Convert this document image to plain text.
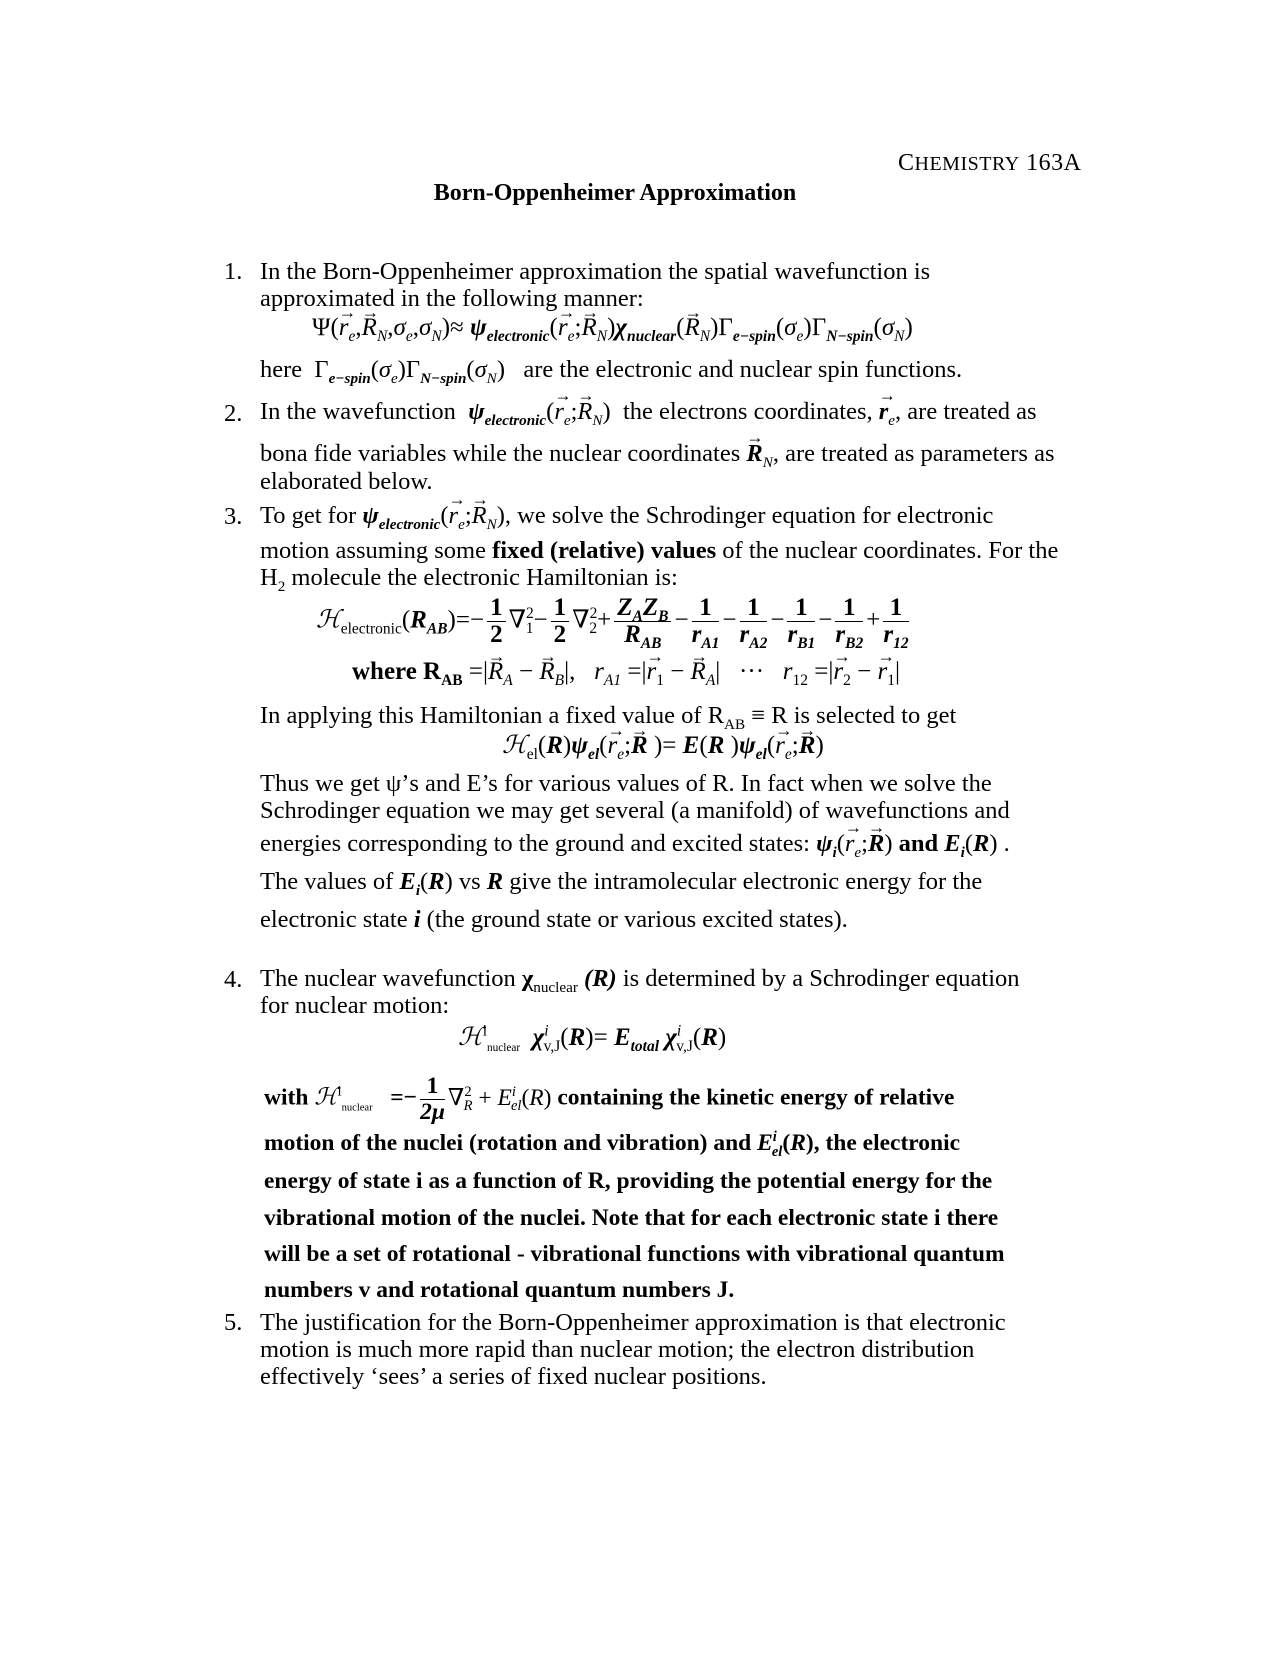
CHEMISTRY 163A
Born-Oppenheimer Approximation
1. In the Born-Oppenheimer approximation the spatial wavefunction is
approximated in the following manner:
$\Psi(\to r_e,\to R_N,\sigma_e,\sigma_N)\approx \psi_{electronic}(\to$ $r_e;\to R_N)\chi_{nuclear}(\to R_N)\Gamma_{e-spin}(\sigma_e)\Gamma_{N-spin}(\sigma_N)$
here  $\Gamma_{e-spin}(\sigma_e)\Gamma_{N-spin}(\sigma_N)$   are the electronic and nuclear spin functions.
2. In the wavefunction $\psi_{electronic}(\to$ $r_e;\to R_N$)  the electrons coordinates, → $r_e$, are treated as
bona fide variables while the nuclear coordinates → $R_N$, are treated as parameters as
elaborated below.
3. To get for $\psi_{electronic}(\to$ $r_e;\to R_N$), we solve the Schrodinger equation for electronic
motion assuming some fixed (relative) values of the nuclear coordinates. For the
$H_2$ molecule the electronic Hamiltonian is:
$ℋ_{electronic}(R_{AB})=- \frac{1}{2} \nabla^2_1- \frac{1}{2} \nabla^2_2+ \frac{Z_AZ_B}{R_{AB}} - \frac{1}{r_{A1}} - \frac{1}{r_{A2}} - \frac{1}{r_{B1}} - \frac{1}{r_{B2}} + \frac{1}{r_{12}}$
where $R_{AB}$ =|→ $R_A$ − → $R_B|$,   $r_{A1}$ =|→ $r_1$ − → $R_A|$   ···   $r_{12}$ =|→ $r_2$ − → $r_1|$
In applying this Hamiltonian a fixed value of $R_{AB} \equiv R$ is selected to get
$ℋ_{el}(R)\psi_{el}(\to$ $r_e;\to R$ )= E(R )$\psi_{el}(\to$ $r_e;\to R$)
Thus we get ψ’s and E’s for various values of R. In fact when we solve the
Schrodinger equation we may get several (a manifold) of wavefunctions and
energies corresponding to the ground and excited states: $\psi_i(\to$ $r_e;\to R$) and $E_i(R)$ .
The values of $E_i(R)$ vs R give the intramolecular electronic energy for the
electronic state i (the ground state or various excited states).
4. The nuclear wavefunction $\chi_{nuclear}$ (R) is determined by a Schrodinger equation
for nuclear motion:
ℋ$^i_{nuclear}$ $\chi^i_{v,J}(R)= E_{total}$ $\chi^i_{v,J}(R)$
with ℋ$^i_{nuclear}$   =− $\frac{1}{2\mu} \nabla^2_R + E^i_{el}(R)$ containing the kinetic energy of relative
motion of the nuclei (rotation and vibration) and $E^i_{el}(R)$, the electronic
energy of state i as a function of R, providing the potential energy for the
vibrational motion of the nuclei. Note that for each electronic state i there
will be a set of rotational - vibrational functions with vibrational quantum
numbers v and rotational quantum numbers J.
5. The justification for the Born-Oppenheimer approximation is that electronic
motion is much more rapid than nuclear motion; the electron distribution
effectively ‘sees’ a series of fixed nuclear positions.
